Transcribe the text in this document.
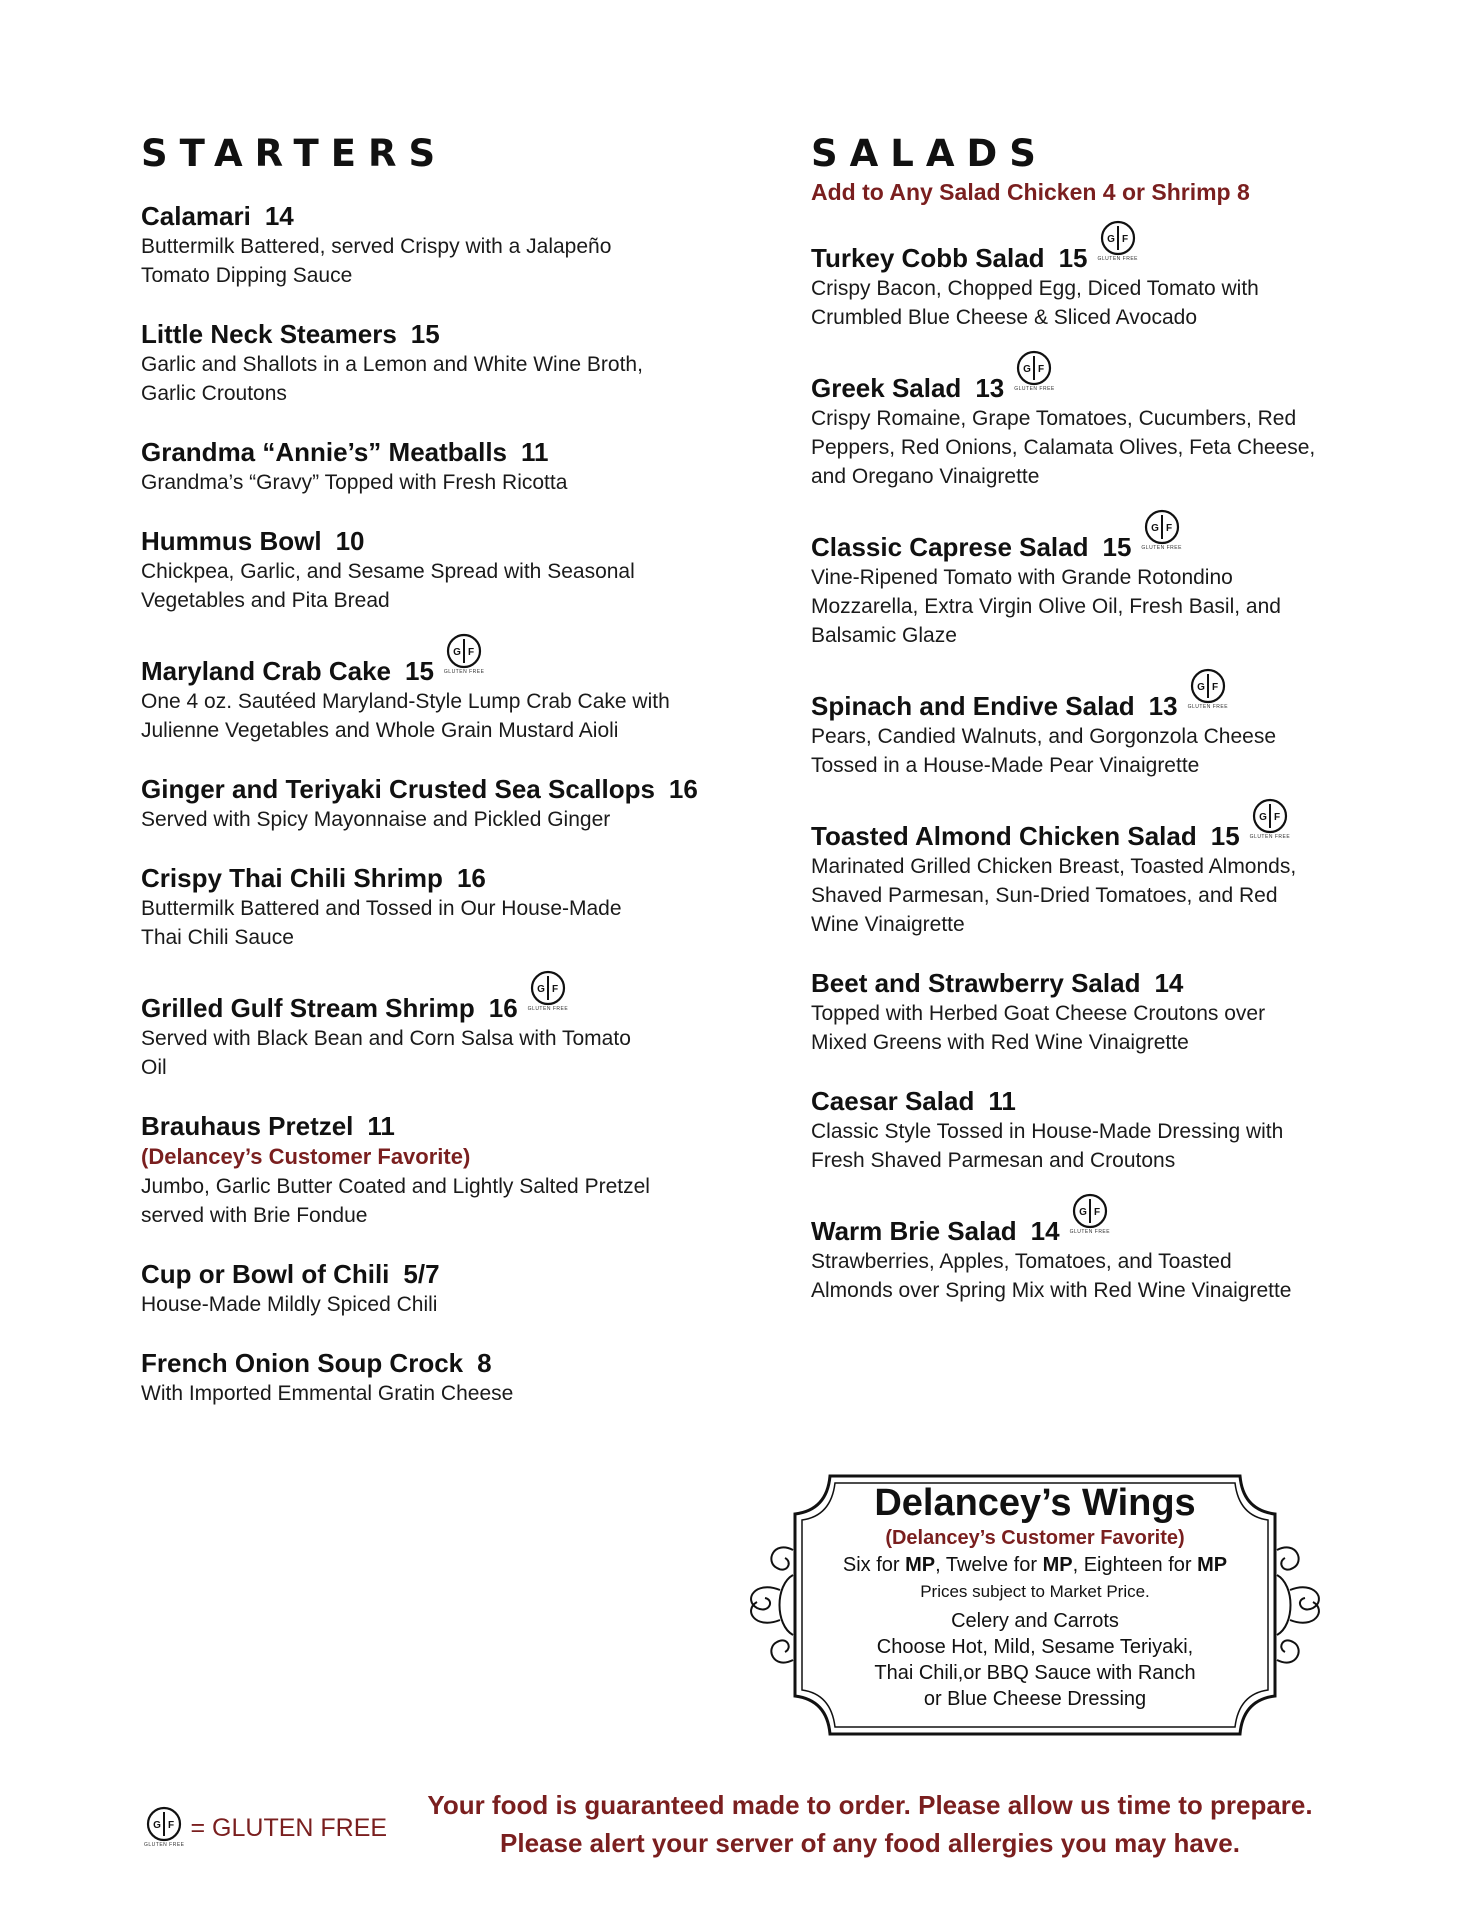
STARTERS
Calamari 14
Buttermilk Battered, served Crispy with a Jalapeño
Tomato Dipping Sauce
Little Neck Steamers 15
Garlic and Shallots in a Lemon and White Wine Broth,
Garlic Croutons
Grandma “Annie’s” Meatballs 11
Grandma’s “Gravy” Topped with Fresh Ricotta
Hummus Bowl 10
Chickpea, Garlic, and Sesame Spread with Seasonal
Vegetables and Pita Bread
Maryland Crab Cake 15
G F
GLUTEN FREE
One 4 oz. Sautéed Maryland-Style Lump Crab Cake with
Julienne Vegetables and Whole Grain Mustard Aioli
Ginger and Teriyaki Crusted Sea Scallops 16
Served with Spicy Mayonnaise and Pickled Ginger
Crispy Thai Chili Shrimp 16
Buttermilk Battered and Tossed in Our House-Made
Thai Chili Sauce
Grilled Gulf Stream Shrimp 16
G F
GLUTEN FREE
Served with Black Bean and Corn Salsa with Tomato
Oil
Brauhaus Pretzel 11
(Delancey’s Customer Favorite)
Jumbo, Garlic Butter Coated and Lightly Salted Pretzel
served with Brie Fondue
Cup or Bowl of Chili 5/7
House-Made Mildly Spiced Chili
French Onion Soup Crock 8
With Imported Emmental Gratin Cheese
SALADS
Add to Any Salad Chicken 4 or Shrimp 8
Turkey Cobb Salad 15
G F
GLUTEN FREE
Crispy Bacon, Chopped Egg, Diced Tomato with
Crumbled Blue Cheese & Sliced Avocado
Greek Salad 13
G F
GLUTEN FREE
Crispy Romaine, Grape Tomatoes, Cucumbers, Red
Peppers, Red Onions, Calamata Olives, Feta Cheese,
and Oregano Vinaigrette
Classic Caprese Salad 15
G F
GLUTEN FREE
Vine-Ripened Tomato with Grande Rotondino
Mozzarella, Extra Virgin Olive Oil, Fresh Basil, and
Balsamic Glaze
Spinach and Endive Salad 13
G F
GLUTEN FREE
Pears, Candied Walnuts, and Gorgonzola Cheese
Tossed in a House-Made Pear Vinaigrette
Toasted Almond Chicken Salad 15
G F
GLUTEN FREE
Marinated Grilled Chicken Breast, Toasted Almonds,
Shaved Parmesan, Sun-Dried Tomatoes, and Red
Wine Vinaigrette
Beet and Strawberry Salad 14
Topped with Herbed Goat Cheese Croutons over
Mixed Greens with Red Wine Vinaigrette
Caesar Salad 11
Classic Style Tossed in House-Made Dressing with
Fresh Shaved Parmesan and Croutons
Warm Brie Salad 14
G F
GLUTEN FREE
Strawberries, Apples, Tomatoes, and Toasted
Almonds over Spring Mix with Red Wine Vinaigrette
Delancey’s Wings
(Delancey’s Customer Favorite)
Six for MP, Twelve for MP, Eighteen for MP
Prices subject to Market Price.
Celery and Carrots
Choose Hot, Mild, Sesame Teriyaki,
Thai Chili,or BBQ Sauce with Ranch
or Blue Cheese Dressing
G F
GLUTEN FREE
= GLUTEN FREE
Your food is guaranteed made to order. Please allow us time to prepare.
Please alert your server of any food allergies you may have.
